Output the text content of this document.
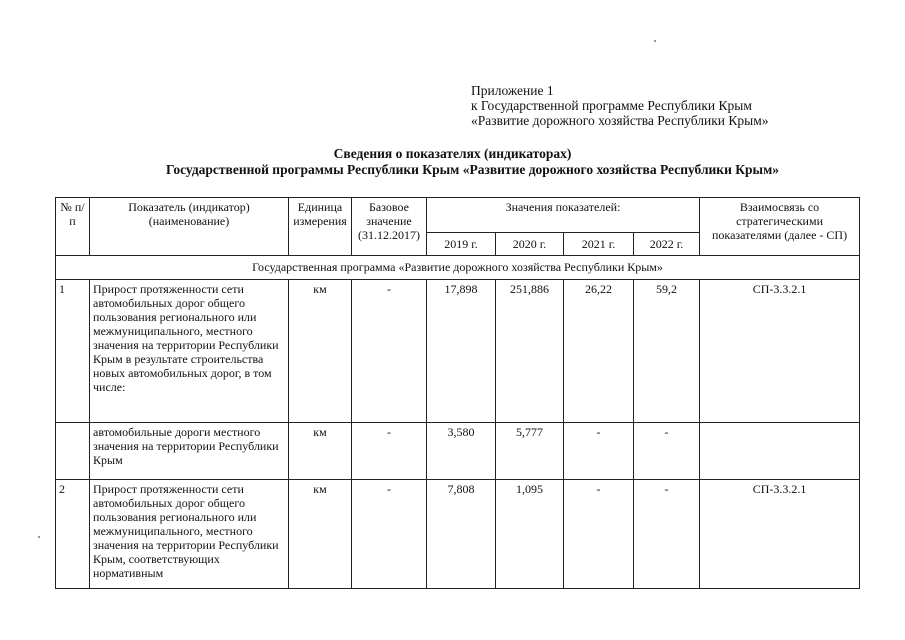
Приложение 1
к Государственной программе Республики Крым
«Развитие дорожного хозяйства Республики Крым»
Сведения о показателях (индикаторах)
Государственной программы Республики Крым «Развитие дорожного хозяйства Республики Крым»
№ п/п	Показатель (индикатор) (наименование)	Единица измерения	Базовое значение (31.12.2017)	Значения показателей:				Взаимосвязь со стратегическими показателями (далее - СП)
				2019 г.	2020 г.	2021 г.	2022 г.	
Государственная программа «Развитие дорожного хозяйства Республики Крым»								
1	Прирост протяженности сети автомобильных дорог общего пользования регионального или межмуниципального, местного значения на территории Республики Крым в результате строительства новых автомобильных дорог, в том числе:	км	-	17,898	251,886	26,22	59,2	СП-3.3.2.1
	автомобильные дороги местного значения на территории Республики Крым	км	-	3,580	5,777	-	-	
2	Прирост протяженности сети автомобильных дорог общего пользования регионального или межмуниципального, местного значения на территории Республики Крым, соответствующих нормативным	км	-	7,808	1,095	-	-	СП-3.3.2.1
